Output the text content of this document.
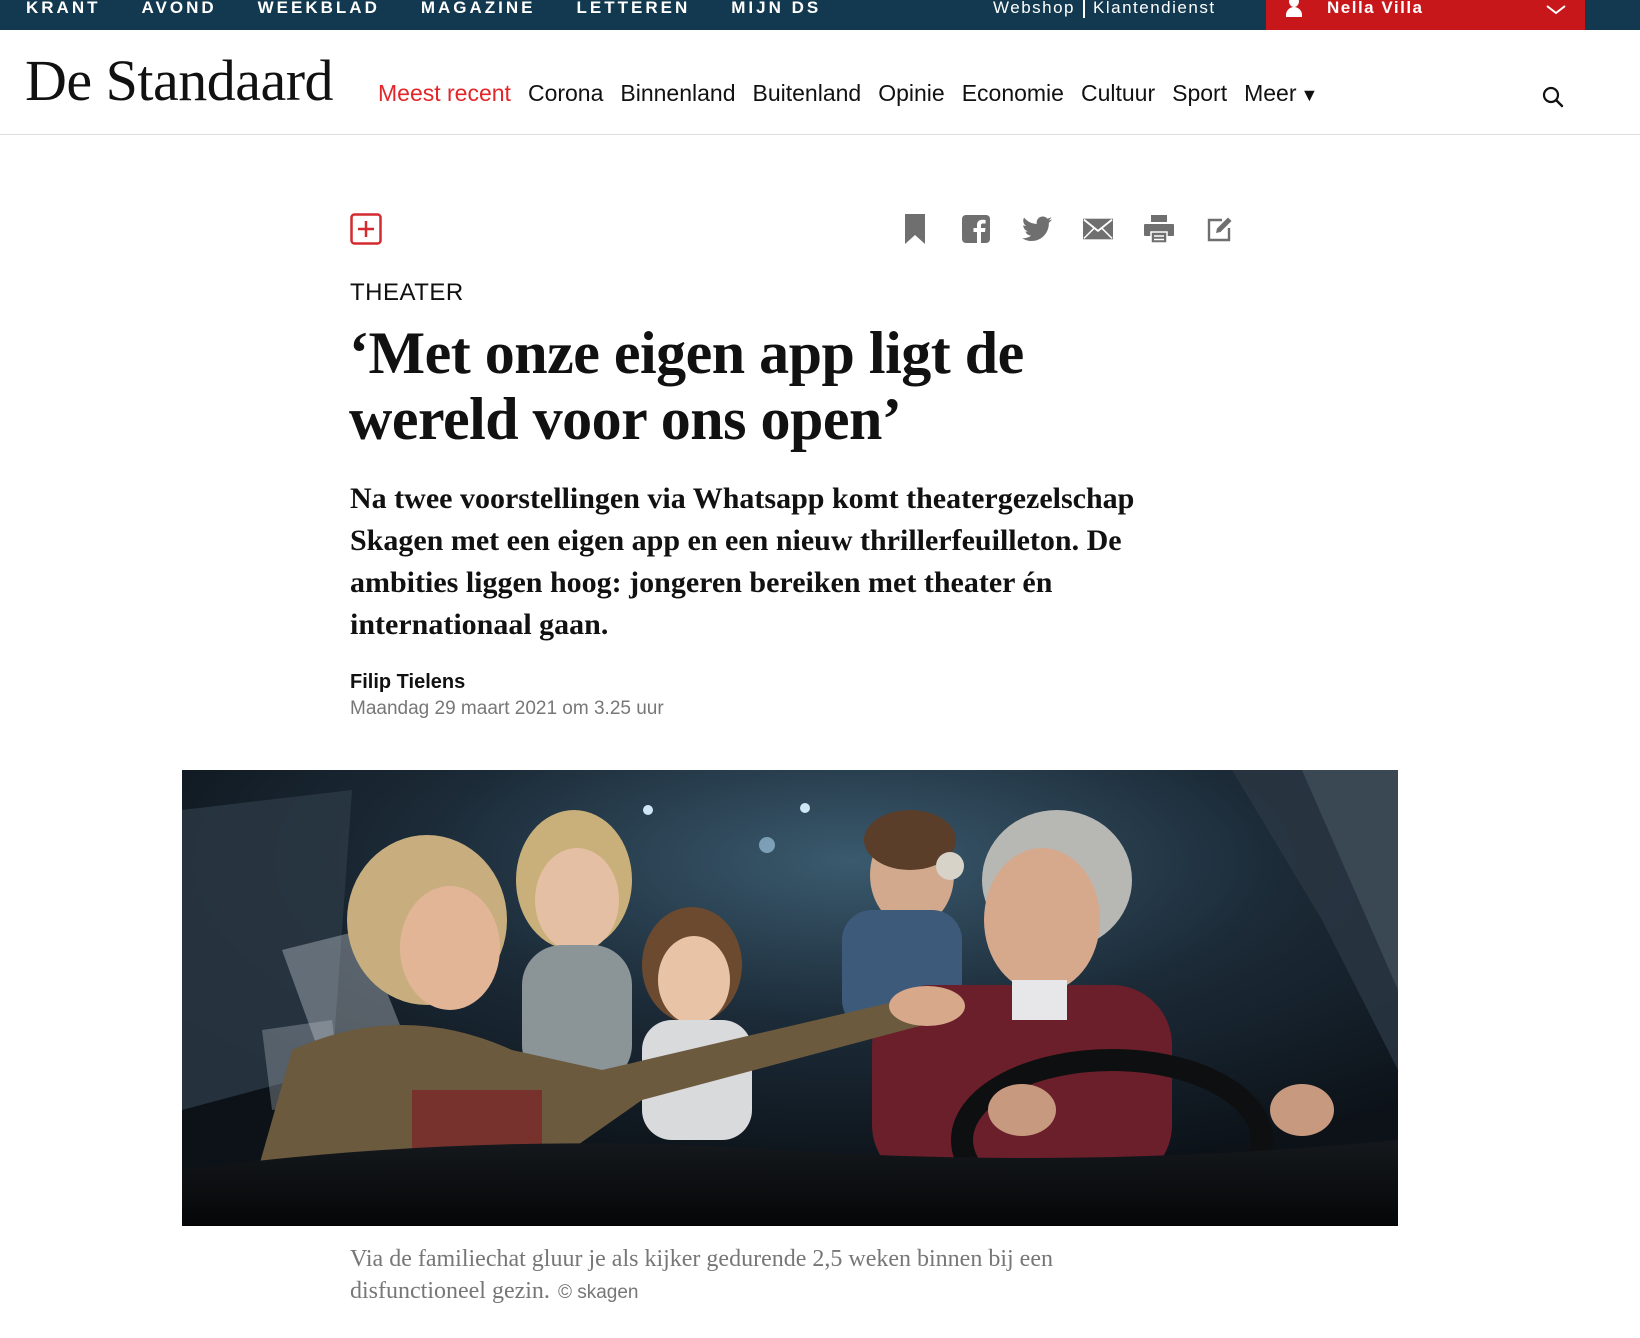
KRANT AVOND WEEKBLAD MAGAZINE LETTEREN MIJN DS	Webshop Klantendienst	Nella Villa
De Standaard Meest recent Corona Binnenland Buitenland Opinie Economie Cultuur Sport Meer ▼
THEATER
‘Met onze eigen app ligt de
wereld voor ons open’

Na twee voorstellingen via Whatsapp komt theatergezelschap Skagen met een eigen app en een nieuw thrillerfeuilleton. De ambities liggen hoog: jongeren bereiken met theater én internationaal gaan.

Filip Tielens
Maandag 29 maart 2021 om 3.25 uur

Via de familiechat gluur je als kijker gedurende 2,5 weken binnen bij een disfunctioneel gezin. © skagen
